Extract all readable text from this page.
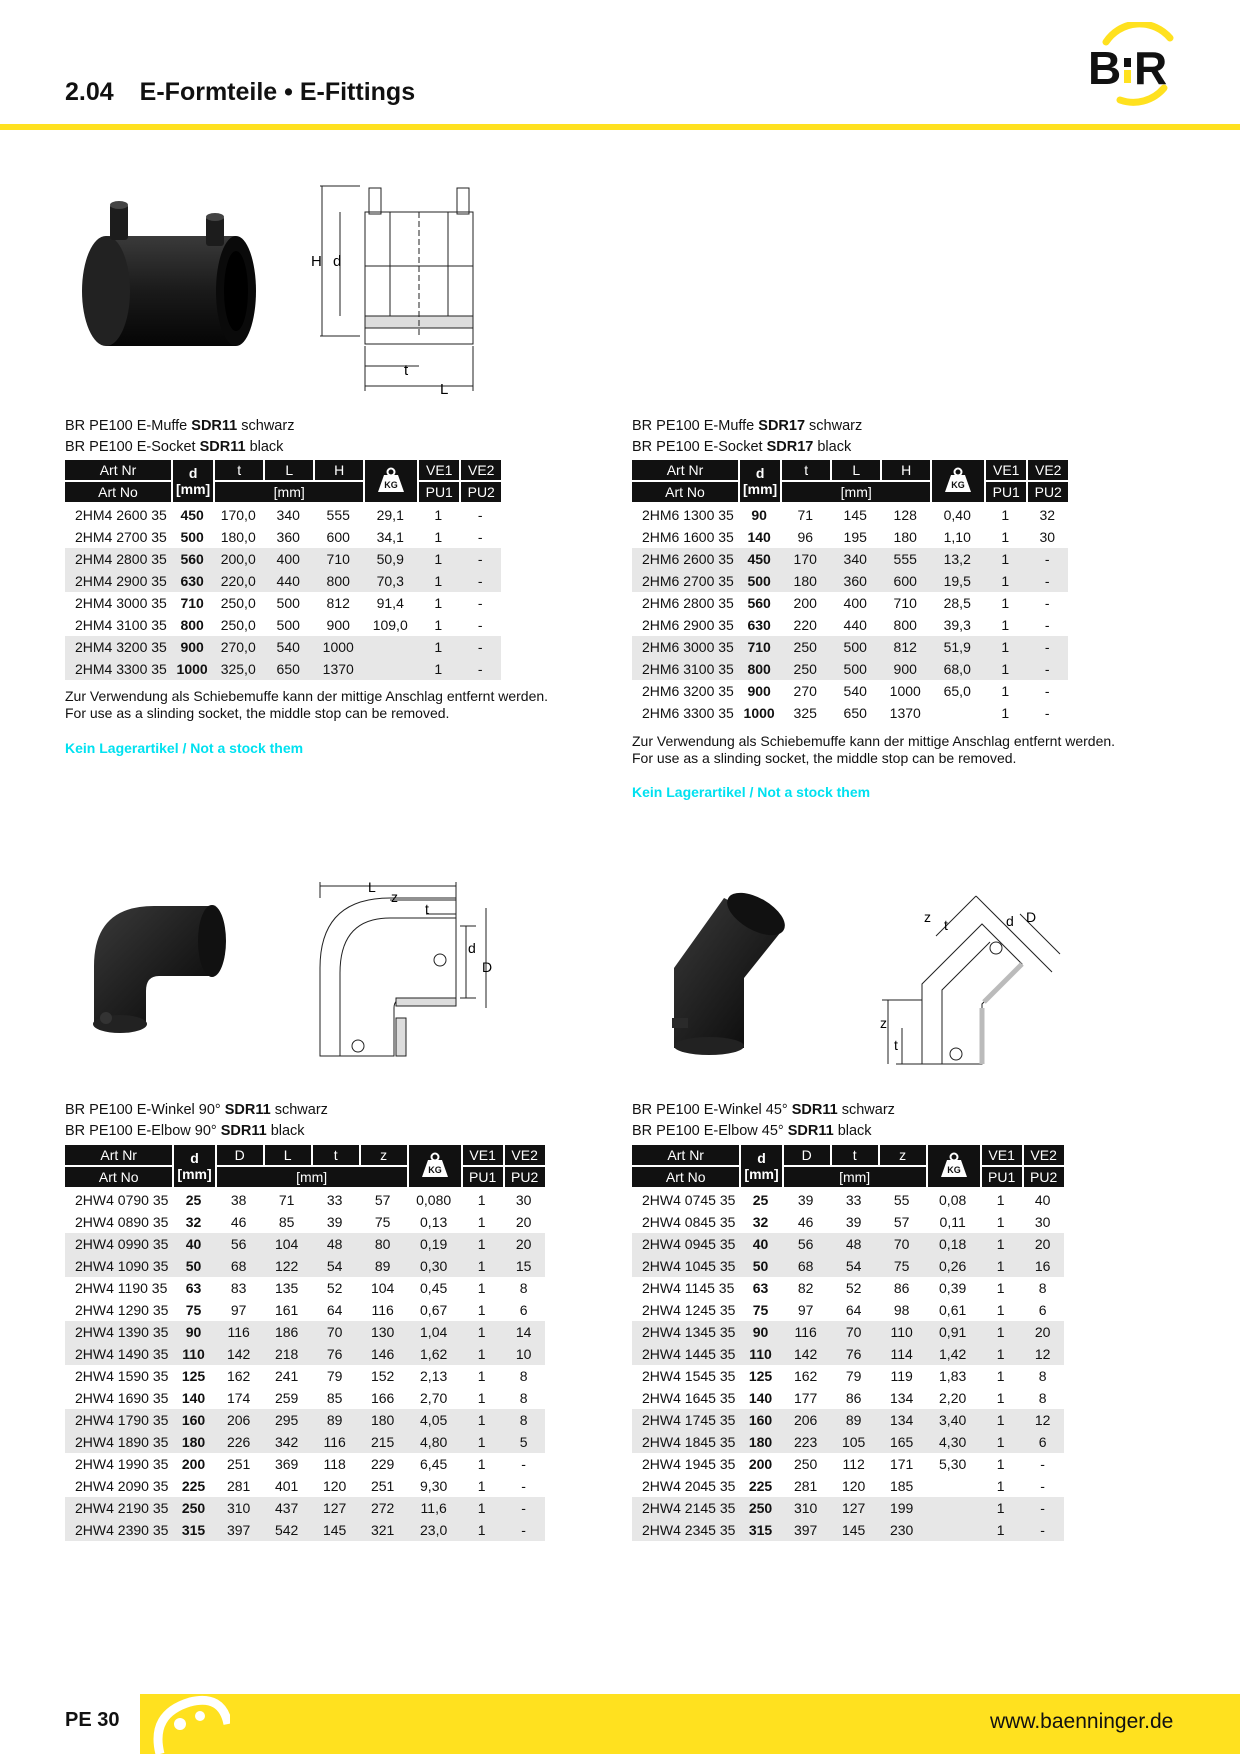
2.04 E-Formteile • E-Fittings	B R
H d
t
L
BR PE100 E-Muffe SDR11 schwarz
BR PE100 E-Socket SDR11 black
Art Nr	d
[mm]	t	L	H	KG	VE1	VE2
Art No		[mm]				PU1	PU2
2HM4 2600 35	450	170,0	340	555	29,1	1	-
2HM4 2700 35	500	180,0	360	600	34,1	1	-
2HM4 2800 35	560	200,0	400	710	50,9	1	-
2HM4 2900 35	630	220,0	440	800	70,3	1	-
2HM4 3000 35	710	250,0	500	812	91,4	1	-
2HM4 3100 35	800	250,0	500	900	109,0	1	-
2HM4 3200 35	900	270,0	540	1000		1	-
2HM4 3300 35	1000	325,0	650	1370		1	-
Zur Verwendung als Schiebemuffe kann der mittige Anschlag entfernt werden.
For use as a slinding socket, the middle stop can be removed.
Kein Lagerartikel / Not a stock them
BR PE100 E-Muffe SDR17 schwarz
BR PE100 E-Socket SDR17 black
Art Nr	d
[mm]	t	L	H	KG	VE1	VE2
Art No		[mm]				PU1	PU2
2HM6 1300 35	90	71	145	128	0,40	1	32
2HM6 1600 35	140	96	195	180	1,10	1	30
2HM6 2600 35	450	170	340	555	13,2	1	-
2HM6 2700 35	500	180	360	600	19,5	1	-
2HM6 2800 35	560	200	400	710	28,5	1	-
2HM6 2900 35	630	220	440	800	39,3	1	-
2HM6 3000 35	710	250	500	812	51,9	1	-
2HM6 3100 35	800	250	500	900	68,0	1	-
2HM6 3200 35	900	270	540	1000	65,0	1	-
2HM6 3300 35	1000	325	650	1370		1	-
Zur Verwendung als Schiebemuffe kann der mittige Anschlag entfernt werden.
For use as a slinding socket, the middle stop can be removed.
Kein Lagerartikel / Not a stock them
L
z
t
d
D
BR PE100 E-Winkel 90° SDR11 schwarz
BR PE100 E-Elbow 90° SDR11 black
Art Nr	d
[mm]	D	L	t	z	KG	VE1	VE2
Art No		[mm]					PU1	PU2
2HW4 0790 35	25	38	71	33	57	0,080	1	30
2HW4 0890 35	32	46	85	39	75	0,13	1	20
2HW4 0990 35	40	56	104	48	80	0,19	1	20
2HW4 1090 35	50	68	122	54	89	0,30	1	15
2HW4 1190 35	63	83	135	52	104	0,45	1	8
2HW4 1290 35	75	97	161	64	116	0,67	1	6
2HW4 1390 35	90	116	186	70	130	1,04	1	14
2HW4 1490 35	110	142	218	76	146	1,62	1	10
2HW4 1590 35	125	162	241	79	152	2,13	1	8
2HW4 1690 35	140	174	259	85	166	2,70	1	8
2HW4 1790 35	160	206	295	89	180	4,05	1	8
2HW4 1890 35	180	226	342	116	215	4,80	1	5
2HW4 1990 35	200	251	369	118	229	6,45	1	-
2HW4 2090 35	225	281	401	120	251	9,30	1	-
2HW4 2190 35	250	310	437	127	272	11,6	1	-
2HW4 2390 35	315	397	542	145	321	23,0	1	-
z t	d D
z
t
BR PE100 E-Winkel 45° SDR11 schwarz
BR PE100 E-Elbow 45° SDR11 black
Art Nr	d
[mm]	D	t	z	KG	VE1	VE2
Art No		[mm]				PU1	PU2
2HW4 0745 35	25	39	33	55	0,08	1	40
2HW4 0845 35	32	46	39	57	0,11	1	30
2HW4 0945 35	40	56	48	70	0,18	1	20
2HW4 1045 35	50	68	54	75	0,26	1	16
2HW4 1145 35	63	82	52	86	0,39	1	8
2HW4 1245 35	75	97	64	98	0,61	1	6
2HW4 1345 35	90	116	70	110	0,91	1	20
2HW4 1445 35	110	142	76	114	1,42	1	12
2HW4 1545 35	125	162	79	119	1,83	1	8
2HW4 1645 35	140	177	86	134	2,20	1	8
2HW4 1745 35	160	206	89	134	3,40	1	12
2HW4 1845 35	180	223	105	165	4,30	1	6
2HW4 1945 35	200	250	112	171	5,30	1	-
2HW4 2045 35	225	281	120	185		1	-
2HW4 2145 35	250	310	127	199		1	-
2HW4 2345 35	315	397	145	230		1	-
PE 30	www.baenninger.de
